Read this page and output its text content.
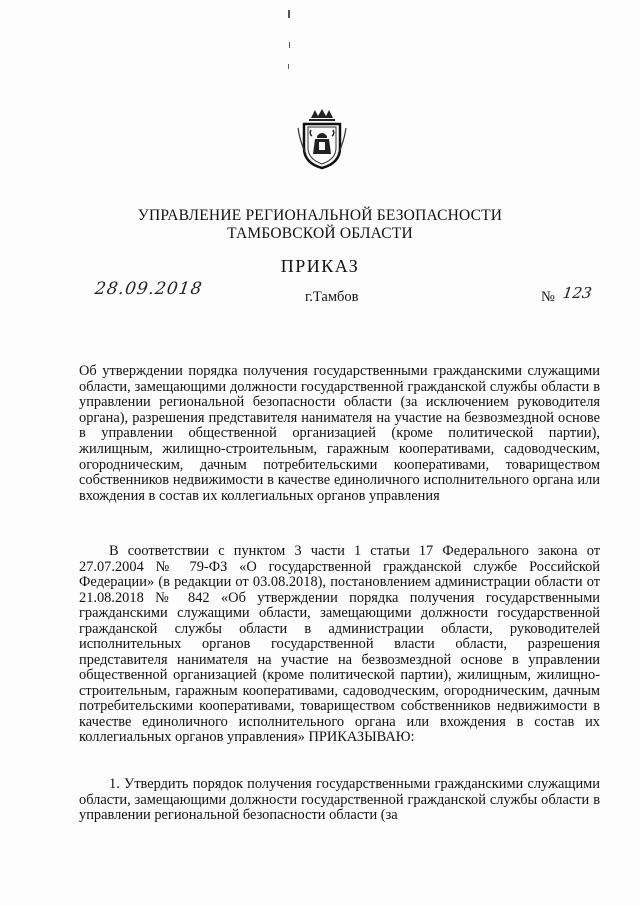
УПРАВЛЕНИЕ РЕГИОНАЛЬНОЙ БЕЗОПАСНОСТИ
ТАМБОВСКОЙ ОБЛАСТИ
ПРИКАЗ
28.09.2018	г.Тамбов	№ 123
Об утверждении порядка получения государственными гражданскими служащими области, замещающими должности государственной гражданской службы области в управлении региональной безопасности области (за исключением руководителя органа), разрешения представителя нанимателя на участие на безвозмездной основе в управлении общественной организацией (кроме политической партии), жилищным, жилищно-строительным, гаражным кооперативами, садоводческим, огородническим, дачным потребительскими кооперативами, товариществом собственников недвижимости в качестве единоличного исполнительного органа или вхождения в состав их коллегиальных органов управления
В соответствии с пунктом 3 части 1 статьи 17 Федерального закона от 27.07.2004 № 79-ФЗ «О государственной гражданской службе Российской Федерации» (в редакции от 03.08.2018), постановлением администрации области от 21.08.2018 № 842 «Об утверждении порядка получения государственными гражданскими служащими области, замещающими должности государственной гражданской службы области в администрации области, руководителей исполнительных органов государственной власти области, разрешения представителя нанимателя на участие на безвозмездной основе в управлении общественной организацией (кроме политической партии), жилищным, жилищно-строительным, гаражным кооперативами, садоводческим, огородническим, дачным потребительскими кооперативами, товариществом собственников недвижимости в качестве единоличного исполнительного органа или вхождения в состав их коллегиальных органов управления» ПРИКАЗЫВАЮ:
1. Утвердить порядок получения государственными гражданскими служащими области, замещающими должности государственной гражданской службы области в управлении региональной безопасности области (за
